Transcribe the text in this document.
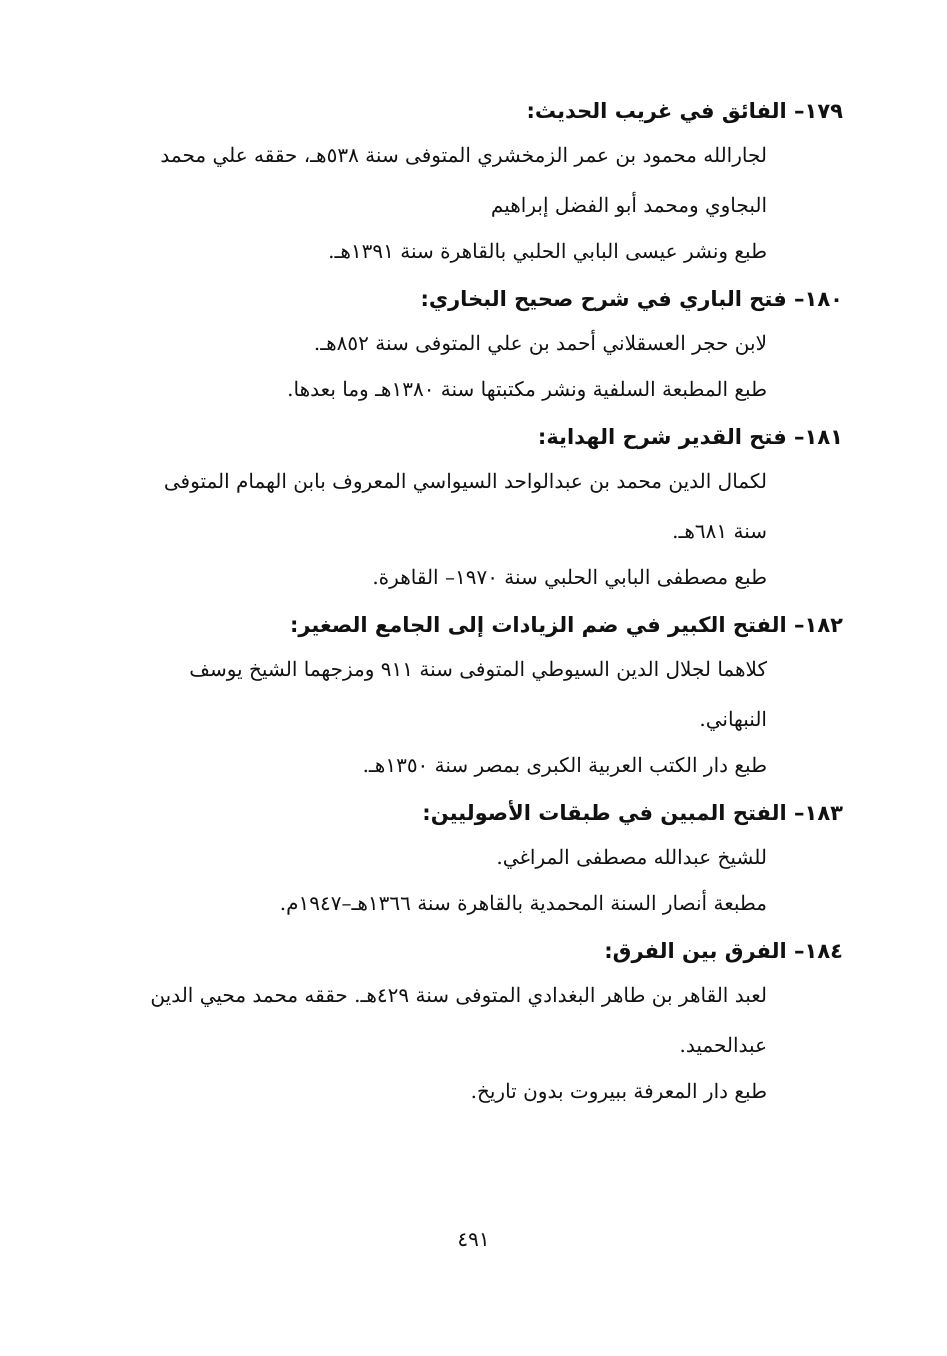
١٧٩– الفائق في غريب الحديث:
لجارالله محمود بن عمر الزمخشري المتوفى سنة ٥٣٨هـ، حققه علي محمد البجاوي ومحمد أبو الفضل إبراهيم
طبع ونشر عيسى البابي الحلبي بالقاهرة سنة ١٣٩١هـ.
١٨٠– فتح الباري في شرح صحيح البخاري:
لابن حجر العسقلاني أحمد بن علي المتوفى سنة ٨٥٢هـ.
طبع المطبعة السلفية ونشر مكتبتها سنة ١٣٨٠هـ وما بعدها.
١٨١– فتح القدير شرح الهداية:
لكمال الدين محمد بن عبدالواحد السيواسي المعروف بابن الهمام المتوفى سنة ٦٨١هـ.
طبع مصطفى البابي الحلبي سنة ١٩٧٠– القاهرة.
١٨٢– الفتح الكبير في ضم الزيادات إلى الجامع الصغير:
كلاهما لجلال الدين السيوطي المتوفى سنة ٩١١ ومزجهما الشيخ يوسف النبهاني.
طبع دار الكتب العربية الكبرى بمصر سنة ١٣٥٠هـ.
١٨٣– الفتح المبين في طبقات الأصوليين:
للشيخ عبدالله مصطفى المراغي.
مطبعة أنصار السنة المحمدية بالقاهرة سنة ١٣٦٦هـ–١٩٤٧م.
١٨٤– الفرق بين الفرق:
لعبد القاهر بن طاهر البغدادي المتوفى سنة ٤٢٩هـ. حققه محمد محيي الدين عبدالحميد.
طبع دار المعرفة ببيروت بدون تاريخ.
٤٩١
